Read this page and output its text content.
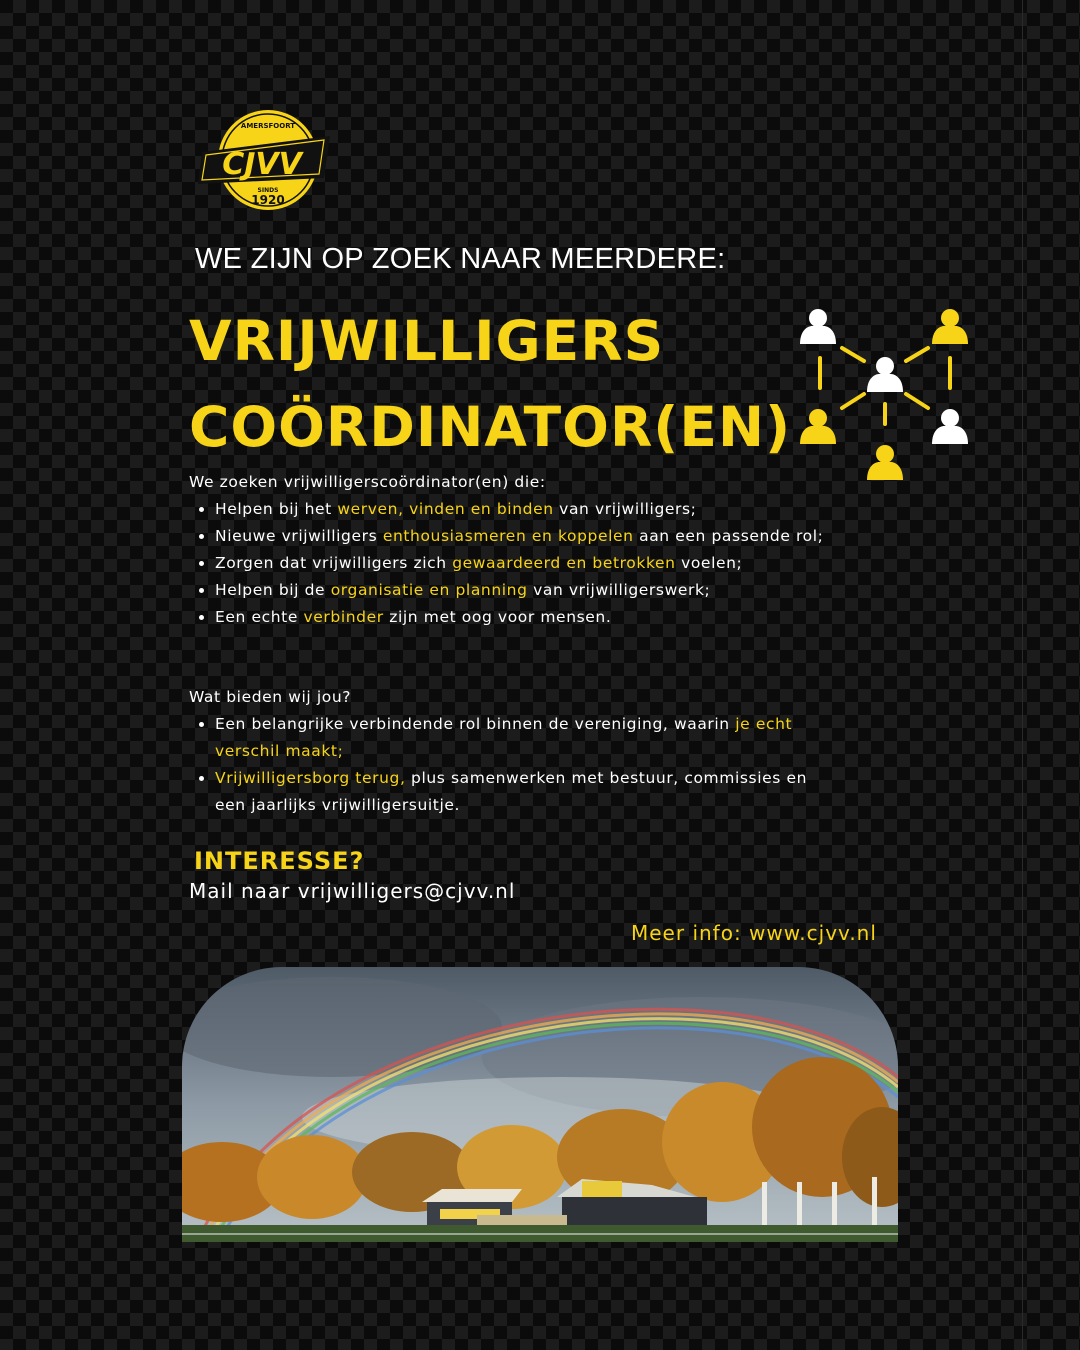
AMERSFOORT
CJVV
SINDS
1920
WE ZIJN OP ZOEK NAAR MEERDERE:
VRIJWILLIGERS
COÖRDINATOR(EN)

We zoeken vrijwilligerscoördinator(en) die:

• Helpen bij het werven, vinden en binden van vrijwilligers;
• Nieuwe vrijwilligers enthousiasmeren en koppelen aan een passende rol;
• Zorgen dat vrijwilligers zich gewaardeerd en betrokken voelen;
• Helpen bij de organisatie en planning van vrijwilligerswerk;
• Een echte verbinder zijn met oog voor mensen.

Wat bieden wij jou?

• Een belangrijke verbindende rol binnen de vereniging, waarin je echt verschil maakt;
• Vrijwilligersborg terug, plus samenwerken met bestuur, commissies en een jaarlijks vrijwilligersuitje.
INTERESSE?
Mail naar vrijwilligers@cjvv.nl
Meer info: www.cjvv.nl
